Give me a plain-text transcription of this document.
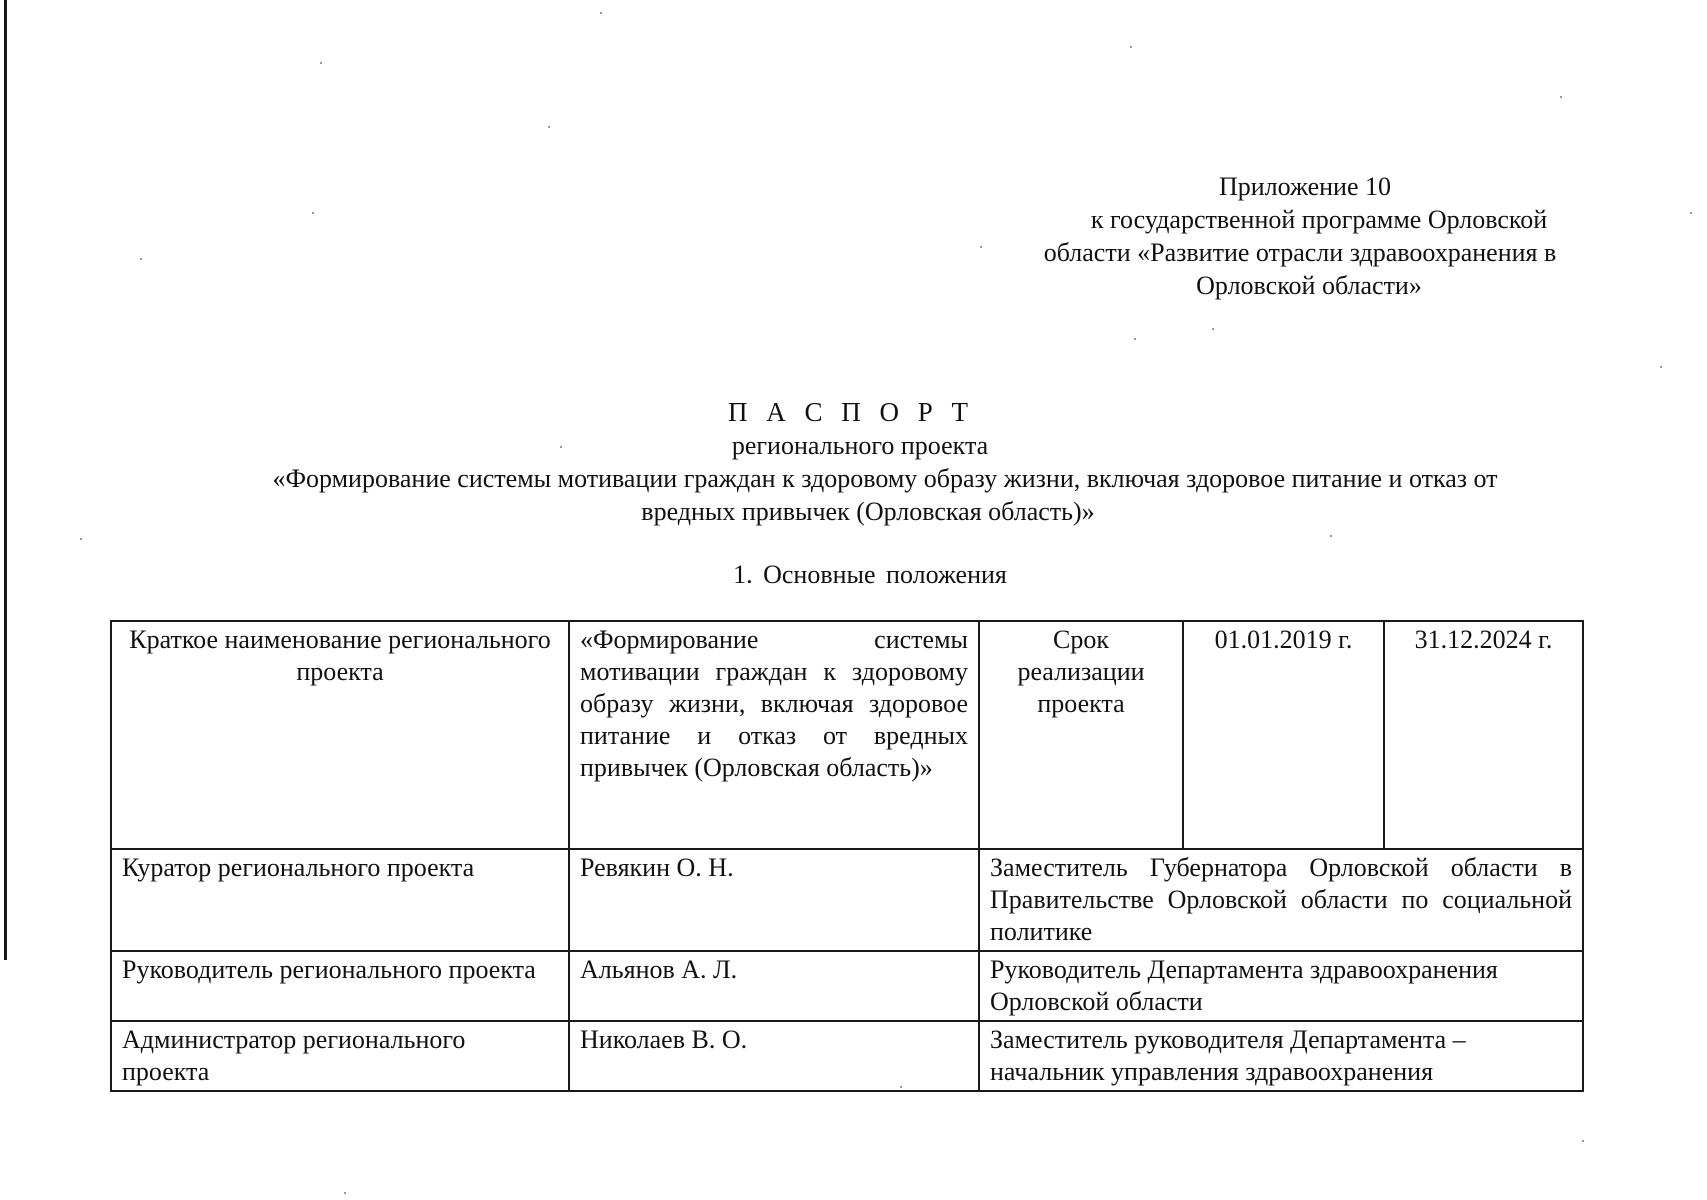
Приложение 10
к государственной программе Орловской
области «Развитие отрасли здравоохранения в
Орловской области»
П А С П О Р Т
регионального проекта
«Формирование системы мотивации граждан к здоровому образу жизни, включая здоровое питание и отказ от
вредных привычек (Орловская область)»
1. Основные положения
Краткое наименование регионального проекта	«Формирование системы мотивации граждан к здоровому образу жизни, включая здоровое питание и отказ от вредных привычек (Орловская область)»	Срок реализации проекта	01.01.2019 г.	31.12.2024 г.
Куратор регионального проекта	Ревякин О. Н.	Заместитель Губернатора Орловской области в Правительстве Орловской области по социальной политике		
Руководитель регионального проекта	Альянов А. Л.	Руководитель Департамента здравоохранения Орловской области		
Администратор регионального проекта	Николаев В. О.	Заместитель руководителя Департамента – начальник управления здравоохранения		
